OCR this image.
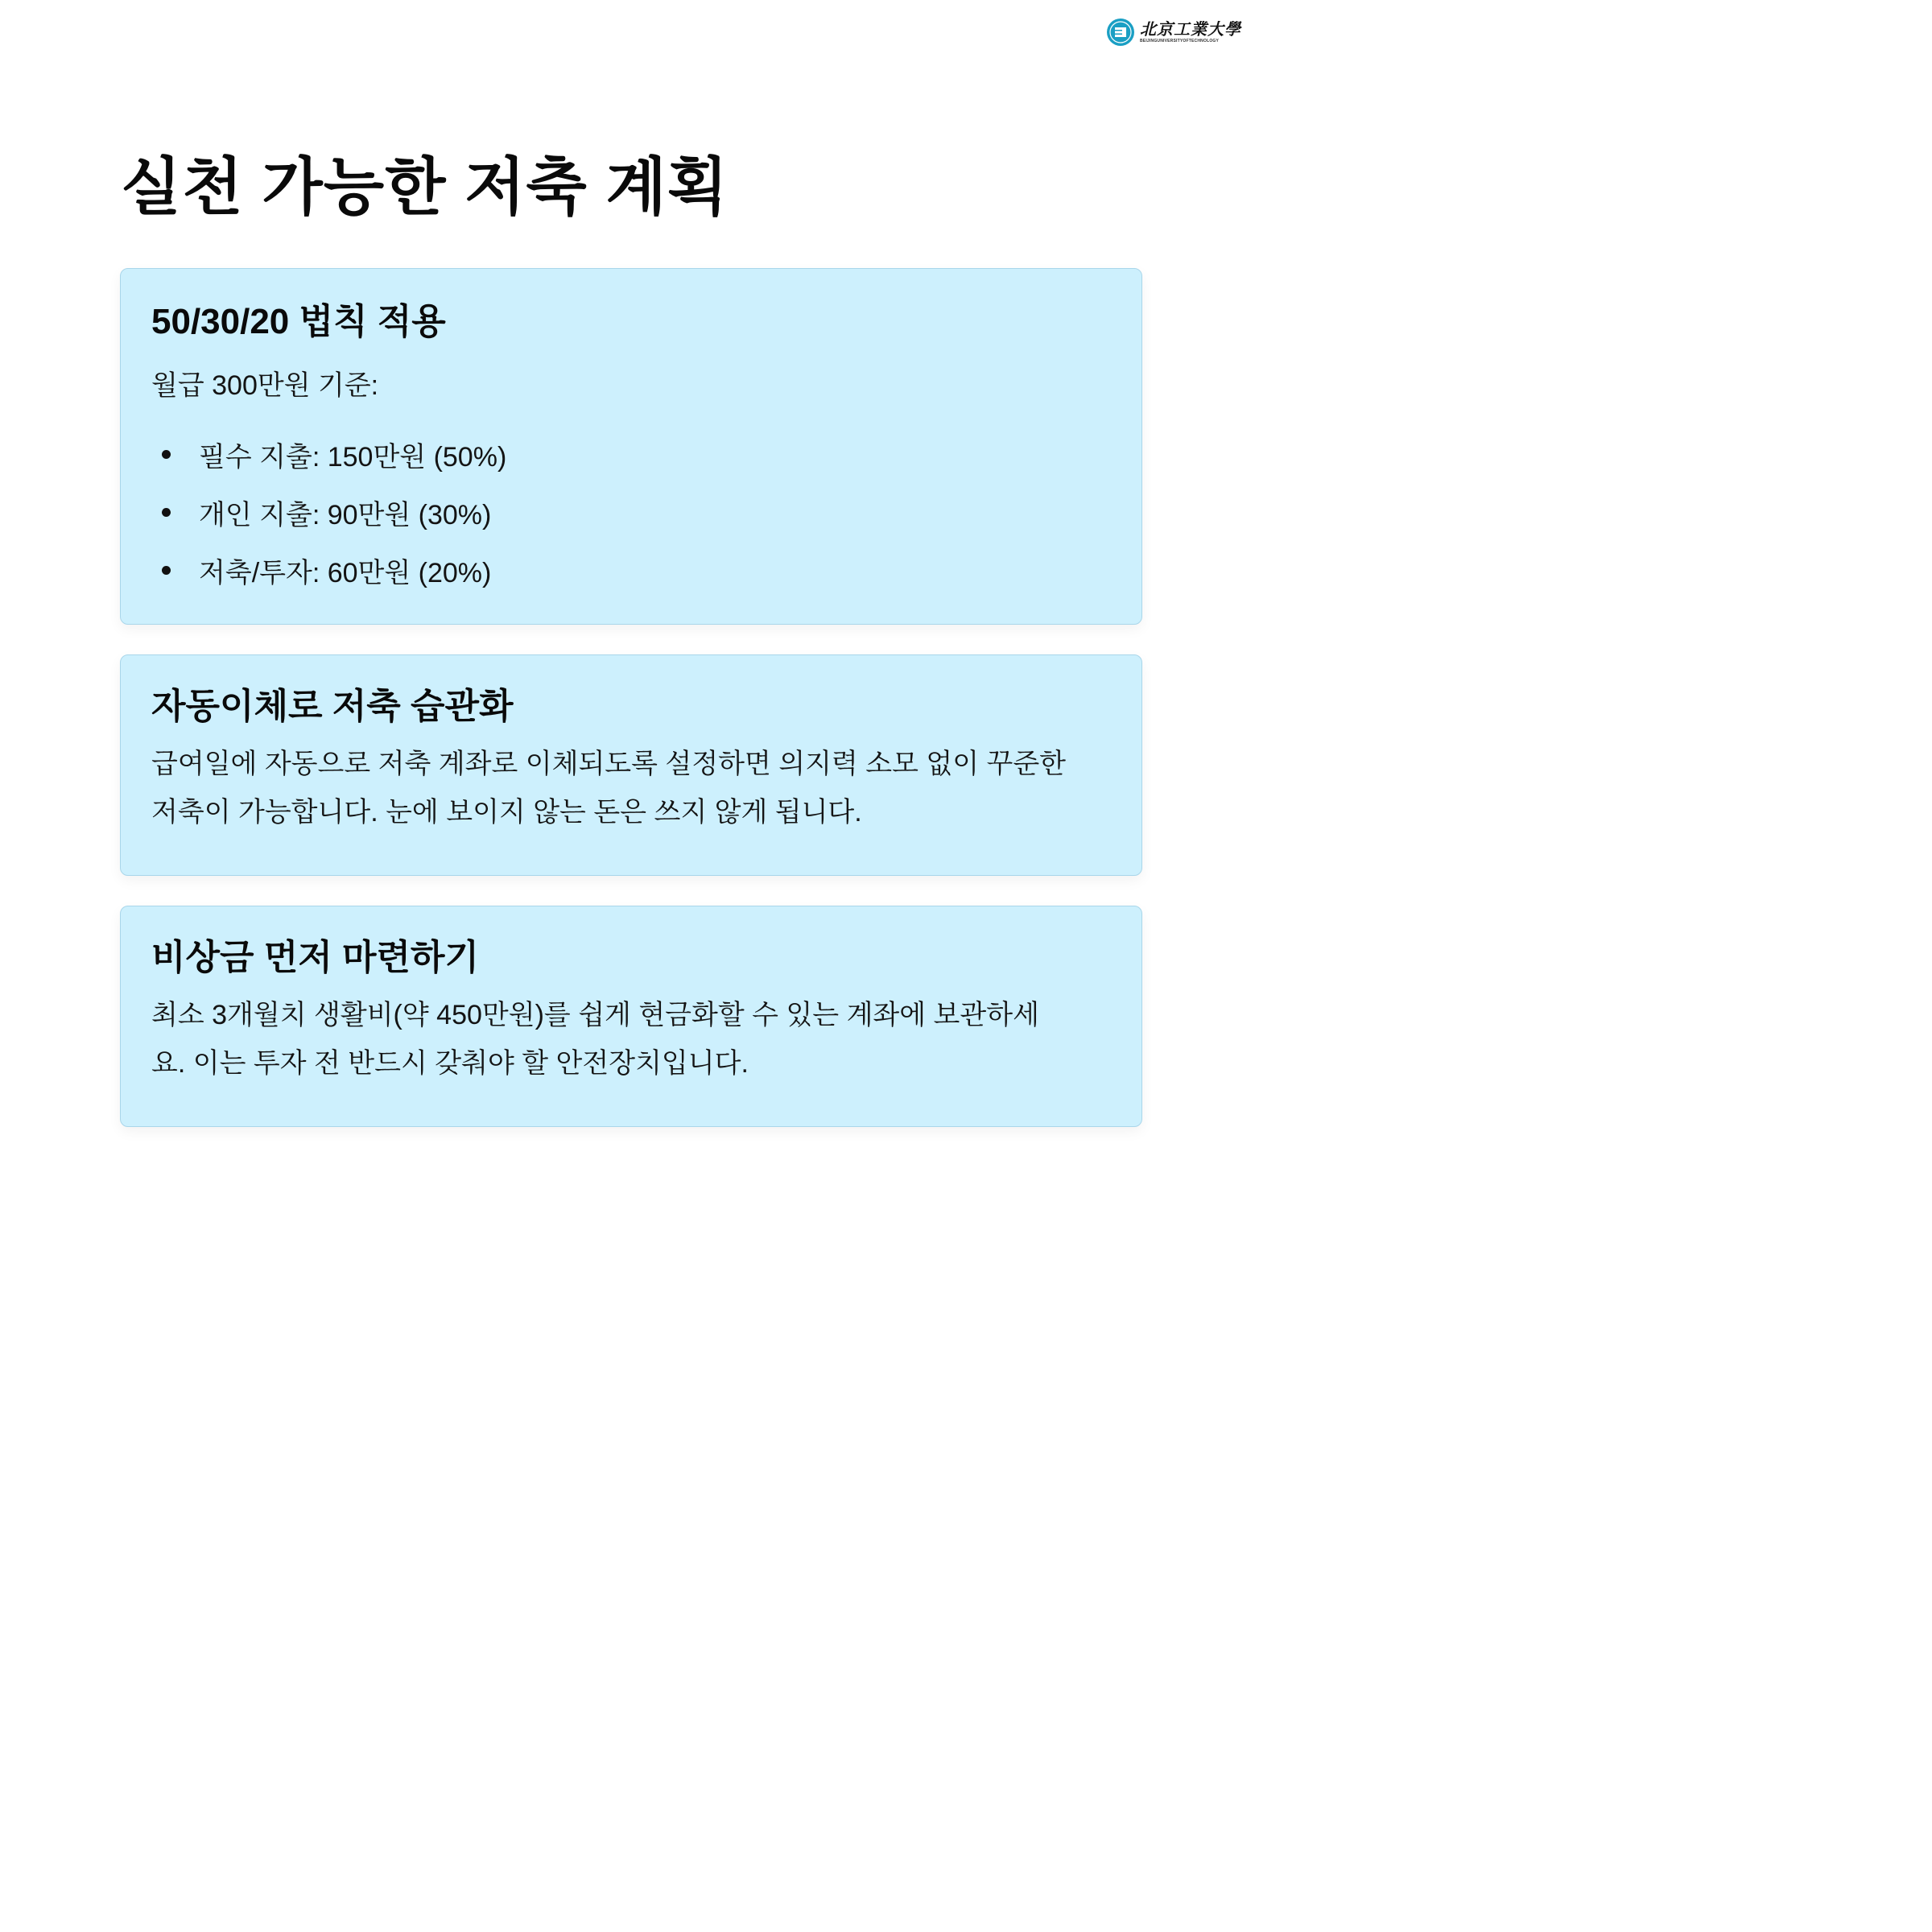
北京工業大學
BEIJINGUNIVERSITYOFTECHNOLOGY
실천 가능한 저축 계획
50/30/20 법칙 적용

월급 300만원 기준:

필수 지출: 150만원 (50%)
개인 지출: 90만원 (30%)
저축/투자: 60만원 (20%)
자동이체로 저축 습관화

급여일에 자동으로 저축 계좌로 이체되도록 설정하면 의지력 소모 없이 꾸준한
저축이 가능합니다. 눈에 보이지 않는 돈은 쓰지 않게 됩니다.

비상금 먼저 마련하기

최소 3개월치 생활비(약 450만원)를 쉽게 현금화할 수 있는 계좌에 보관하세
요. 이는 투자 전 반드시 갖춰야 할 안전장치입니다.
